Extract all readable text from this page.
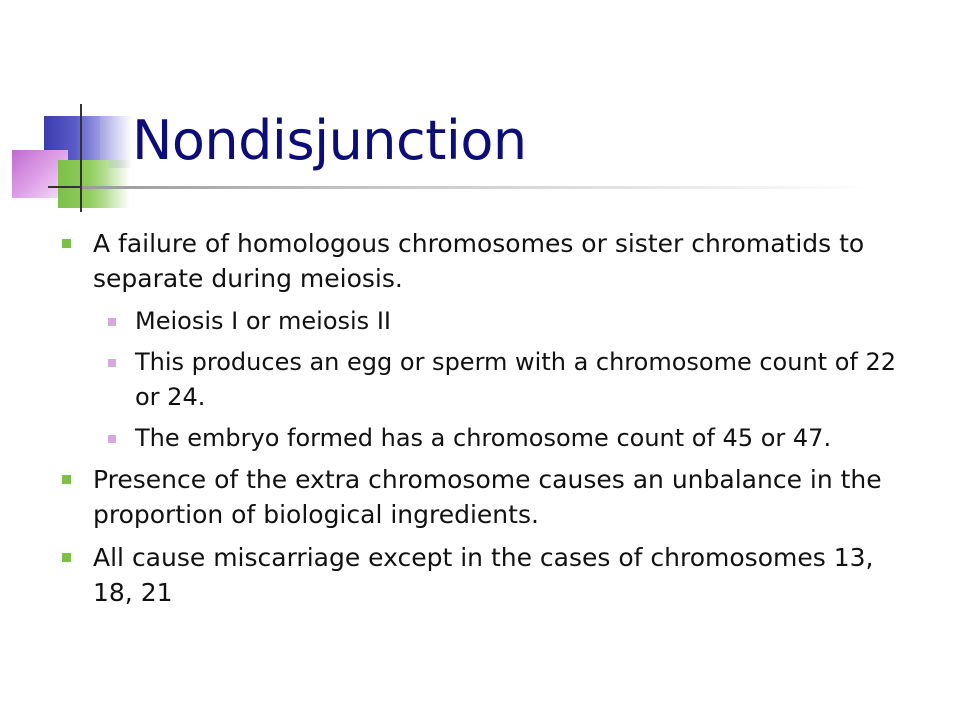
Nondisjunction
A failure of homologous chromosomes or sister chromatids to separate during meiosis.
Meiosis I or meiosis II
This produces an egg or sperm with a chromosome count of 22 or 24.
The embryo formed has a chromosome count of 45 or 47.
Presence of the extra chromosome causes an unbalance in the proportion of biological ingredients.
All cause miscarriage except in the cases of chromosomes 13, 18, 21
